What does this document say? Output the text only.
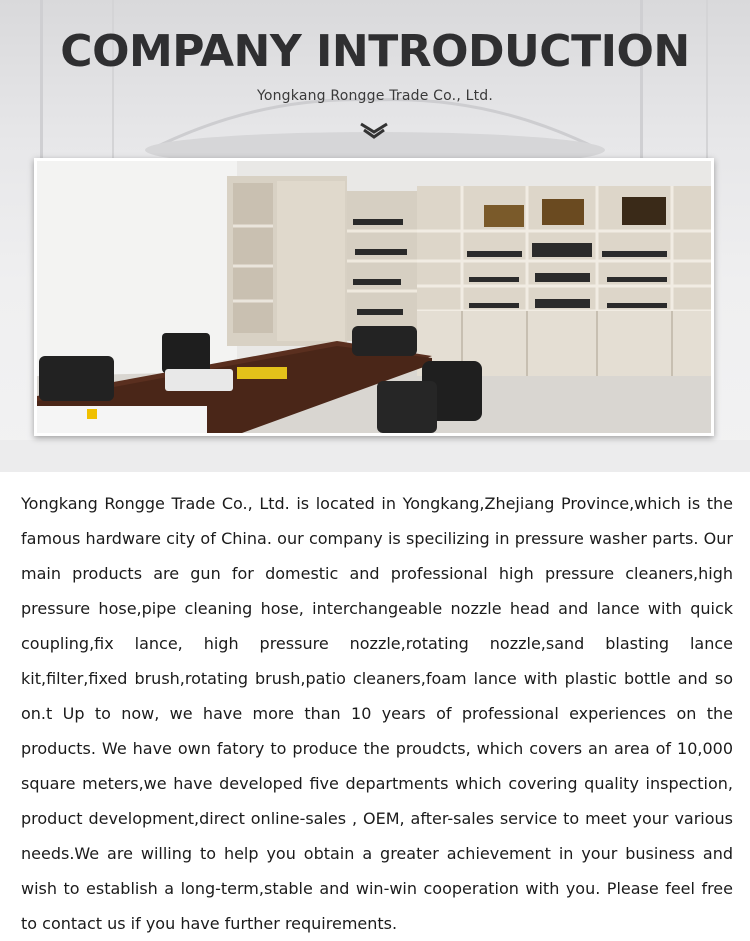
COMPANY INTRODUCTION
Yongkang Rongge Trade Co., Ltd.

Yongkang Rongge Trade Co., Ltd. is located in Yongkang,Zhejiang Province,which is the famous hardware city of China. our company is specilizing in pressure washer parts. Our main products are gun for domestic and professional high pressure cleaners,high pressure hose,pipe cleaning hose, interchangeable nozzle head and lance with quick coupling,fix lance, high pressure nozzle,rotating nozzle,sand blasting lance kit,filter,fixed brush,rotating brush,patio cleaners,foam lance with plastic bottle and so on.t Up to now, we have more than 10 years of professional experiences on the products. We have own fatory to produce the proudcts, which covers an area of 10,000 square meters,we have developed five departments which covering quality inspection, product development,direct online-sales , OEM, after-sales service to meet your various needs.We are willing to help you obtain a greater achievement in your business and wish to establish a long-term,stable and win-win cooperation with you. Please feel free to contact us if you have further requirements.
